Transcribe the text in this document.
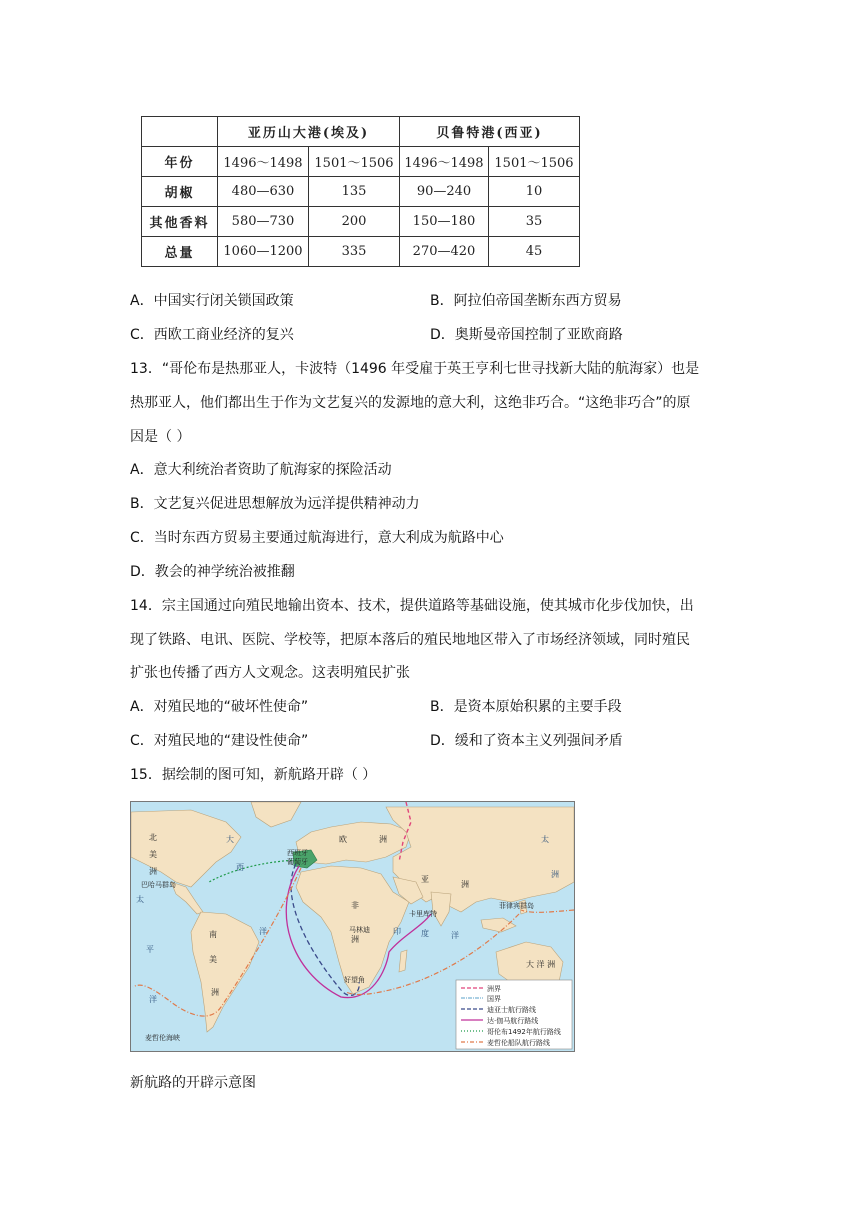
	亚历山大港(埃及)		贝鲁特港(西亚)	
年份	1496～1498	1501～1506	1496～1498	1501～1506
胡椒	480—630	135	90—240	10
其他香料	580—730	200	150—180	35
总量	1060—1200	335	270—420	45
A．中国实行闭关锁国政策	B．阿拉伯帝国垄断东西方贸易
C．西欧工商业经济的复兴	D．奥斯曼帝国控制了亚欧商路
13．“哥伦布是热那亚人，卡波特（1496 年受雇于英王亨利七世寻找新大陆的航海家）也是
热那亚人，他们都出生于作为文艺复兴的发源地的意大利，这绝非巧合。“这绝非巧合”的原
因是（ ）
A．意大利统治者资助了航海家的探险活动
B．文艺复兴促进思想解放为远洋提供精神动力
C．当时东西方贸易主要通过航海进行，意大利成为航路中心
D．教会的神学统治被推翻
14．宗主国通过向殖民地输出资本、技术，提供道路等基础设施，使其城市化步伐加快，出
现了铁路、电讯、医院、学校等，把原本落后的殖民地地区带入了市场经济领域，同时殖民
扩张也传播了西方人文观念。这表明殖民扩张
A．对殖民地的“破坏性使命”	B．是资本原始积累的主要手段
C．对殖民地的“建设性使命”	D．缓和了资本主义列强间矛盾
15．据绘制的图可知，新航路开辟（ ）
北
美
洲
南
美
洲
欧	洲
亚
洲
非
洲
大 洋 洲
大
西
洋	印	度	洋
太
平
洋
太
洲
西班牙
葡萄牙
巴哈马群岛
卡里库特
马林迪
好望角
菲律宾群岛
麦哲伦海峡
洲界
国界
迪亚士航行路线
达·伽马航行路线
哥伦布1492年航行路线
麦哲伦船队航行路线
新航路的开辟示意图
